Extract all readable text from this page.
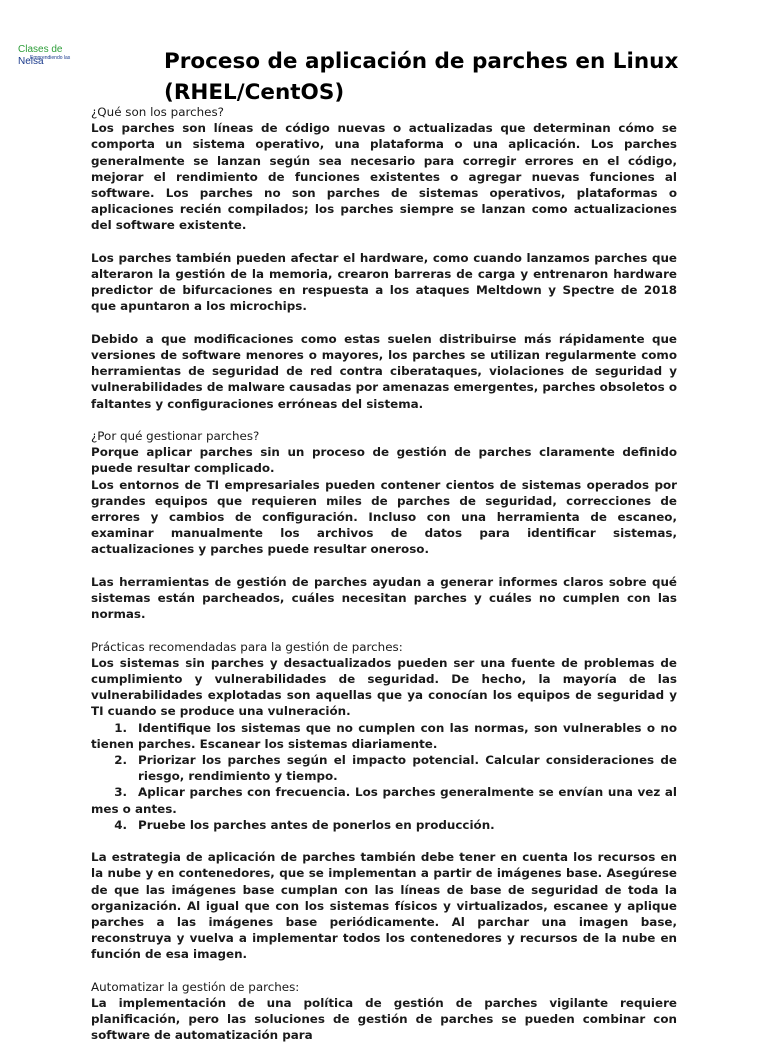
Clases de
Nelsa
Emprendiendo las	Proceso de aplicación de parches en Linux (RHEL/CentOS)

¿Qué son los parches?

Los parches son líneas de código nuevas o actualizadas que determinan cómo se comporta un sistema operativo, una plataforma o una aplicación. Los parches generalmente se lanzan según sea necesario para corregir errores en el código, mejorar el rendimiento de funciones existentes o agregar nuevas funciones al software. Los parches no son parches de sistemas operativos, plataformas o aplicaciones recién compilados; los parches siempre se lanzan como actualizaciones del software existente.

Los parches también pueden afectar el hardware, como cuando lanzamos parches que alteraron la gestión de la memoria, crearon barreras de carga y entrenaron hardware predictor de bifurcaciones en respuesta a los ataques Meltdown y Spectre de 2018 que apuntaron a los microchips.

Debido a que modificaciones como estas suelen distribuirse más rápidamente que versiones de software menores o mayores, los parches se utilizan regularmente como herramientas de seguridad de red contra ciberataques, violaciones de seguridad y vulnerabilidades de malware causadas por amenazas emergentes, parches obsoletos o faltantes y configuraciones erróneas del sistema.

¿Por qué gestionar parches?

Porque aplicar parches sin un proceso de gestión de parches claramente definido puede resultar complicado.

Los entornos de TI empresariales pueden contener cientos de sistemas operados por grandes equipos que requieren miles de parches de seguridad, correcciones de errores y cambios de configuración. Incluso con una herramienta de escaneo, examinar manualmente los archivos de datos para identificar sistemas, actualizaciones y parches puede resultar oneroso.

Las herramientas de gestión de parches ayudan a generar informes claros sobre qué sistemas están parcheados, cuáles necesitan parches y cuáles no cumplen con las normas.

Prácticas recomendadas para la gestión de parches:

Los sistemas sin parches y desactualizados pueden ser una fuente de problemas de cumplimiento y vulnerabilidades de seguridad. De hecho, la mayoría de las vulnerabilidades explotadas son aquellas que ya conocían los equipos de seguridad y TI cuando se produce una vulneración.

1. Identifique los sistemas que no cumplen con las normas, son vulnerables o no tienen parches. Escanear los sistemas diariamente.
2. Priorizar los parches según el impacto potencial. Calcular consideraciones de riesgo, rendimiento y tiempo.
3. Aplicar parches con frecuencia. Los parches generalmente se envían una vez al mes o antes.
4. Pruebe los parches antes de ponerlos en producción.

La estrategia de aplicación de parches también debe tener en cuenta los recursos en la nube y en contenedores, que se implementan a partir de imágenes base. Asegúrese de que las imágenes base cumplan con las líneas de base de seguridad de toda la organización. Al igual que con los sistemas físicos y virtualizados, escanee y aplique parches a las imágenes base periódicamente. Al parchar una imagen base, reconstruya y vuelva a implementar todos los contenedores y recursos de la nube en función de esa imagen.

Automatizar la gestión de parches:

La implementación de una política de gestión de parches vigilante requiere planificación, pero las soluciones de gestión de parches se pueden combinar con software de automatización para
